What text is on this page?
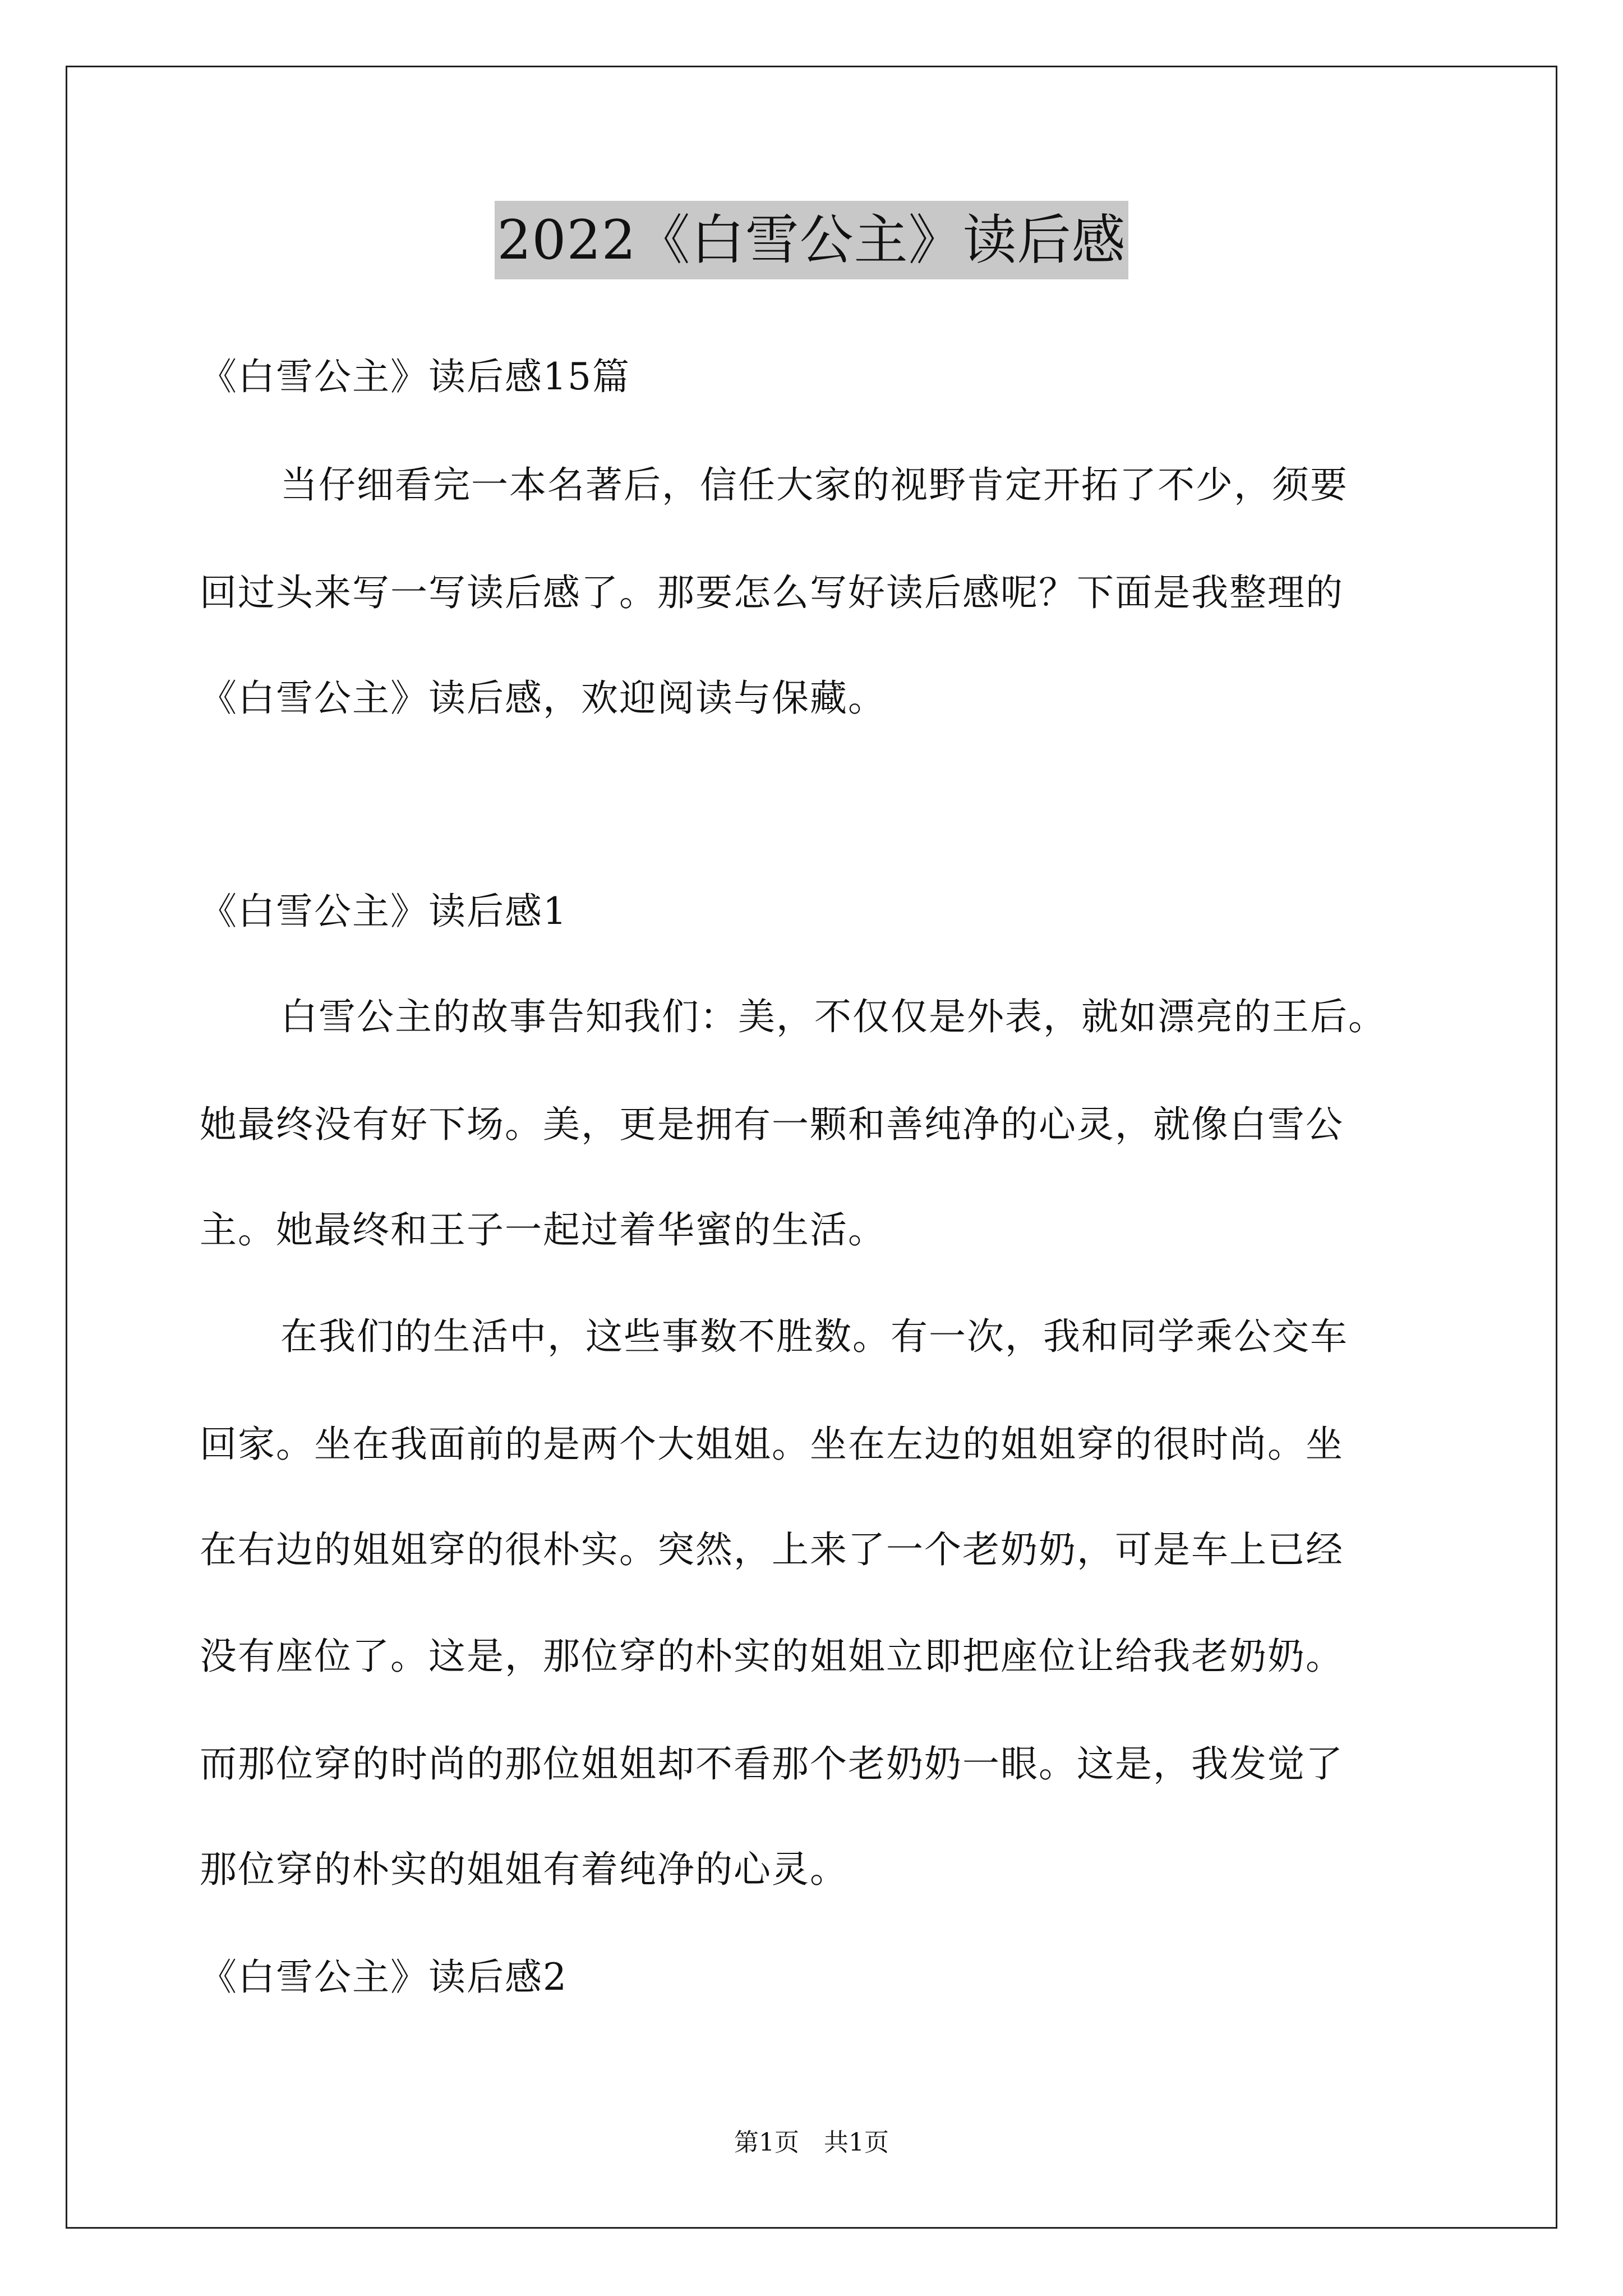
2022《白雪公主》读后感
《白雪公主》读后感15篇
当仔细看完一本名著后，信任大家的视野肯定开拓了不少，须要
回过头来写一写读后感了。那要怎么写好读后感呢？下面是我整理的
《白雪公主》读后感，欢迎阅读与保藏。
《白雪公主》读后感1
白雪公主的故事告知我们：美，不仅仅是外表，就如漂亮的王后。
她最终没有好下场。美，更是拥有一颗和善纯净的心灵，就像白雪公
主。她最终和王子一起过着华蜜的生活。
在我们的生活中，这些事数不胜数。有一次，我和同学乘公交车
回家。坐在我面前的是两个大姐姐。坐在左边的姐姐穿的很时尚。坐
在右边的姐姐穿的很朴实。突然，上来了一个老奶奶，可是车上已经
没有座位了。这是，那位穿的朴实的姐姐立即把座位让给我老奶奶。
而那位穿的时尚的那位姐姐却不看那个老奶奶一眼。这是，我发觉了
那位穿的朴实的姐姐有着纯净的心灵。
《白雪公主》读后感2
第1页　共1页
